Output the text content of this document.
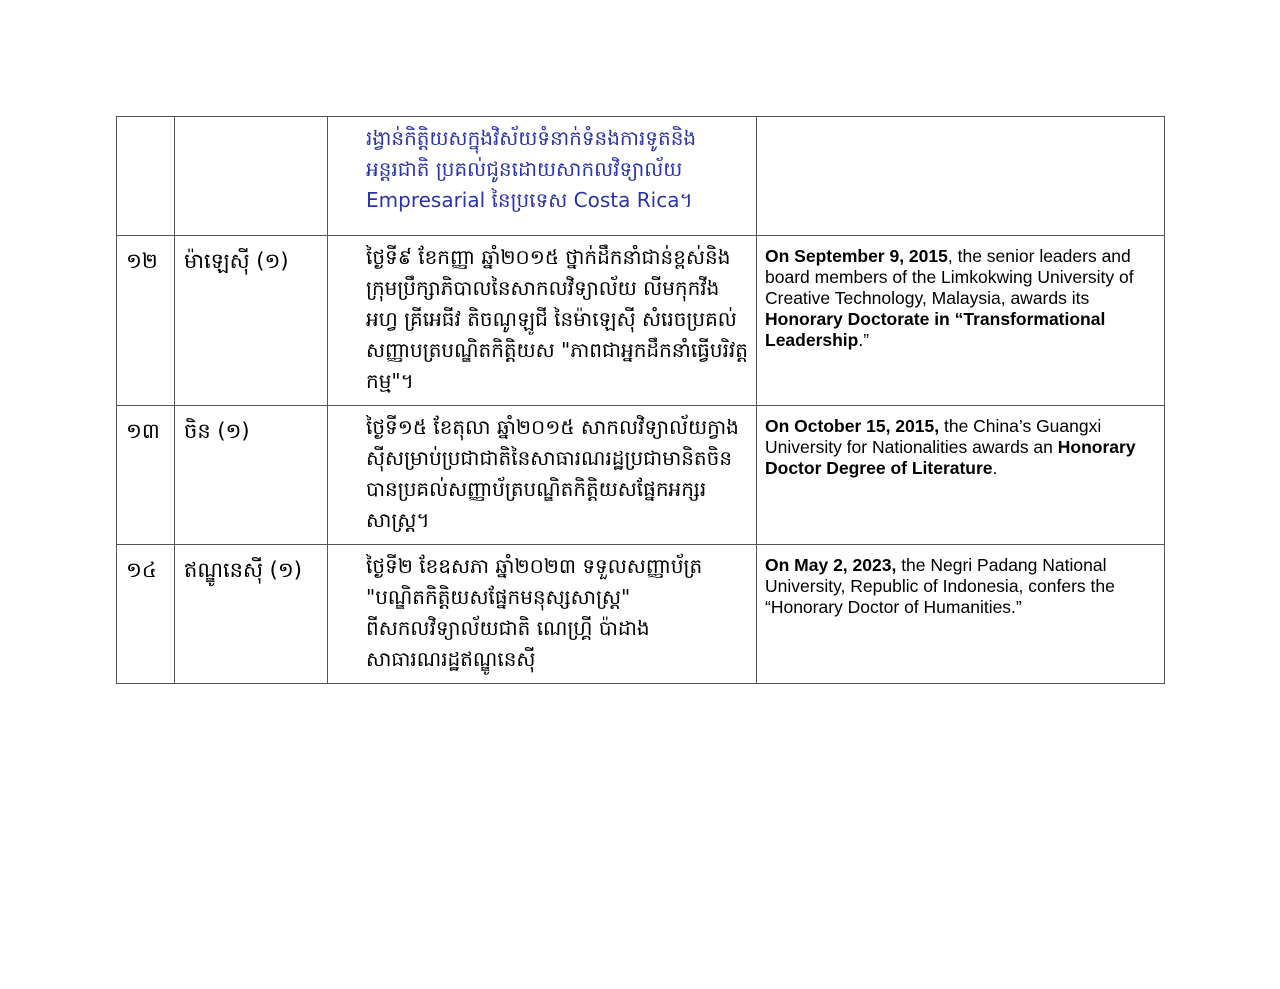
		រង្វាន់កិត្តិយសក្នុងវិស័យទំនាក់ទំនងការទូតនិងអន្តរជាតិ ប្រគល់ជូនដោយសាកលវិទ្យាល័យ Empresarial នៃប្រទេស Costa Rica។	
១២	ម៉ាឡេស៊ី (១)	ថ្ងៃទី៩ ខែកញ្ញា ឆ្នាំ២០១៥ ថ្នាក់ដឹកនាំជាន់ខ្ពស់និងក្រុមប្រឹក្សាភិបាលនៃសាកលវិទ្យាល័យ លីមកុកវីង អហ្វ គ្រីអេធីវ តិចណូឡូជី នៃម៉ាឡេស៊ី សំរេចប្រគល់សញ្ញាបត្របណ្ឌិតកិត្តិយស "ភាពជាអ្នកដឹកនាំធ្វើបរិវត្តកម្ម"។	On September 9, 2015, the senior leaders and board members of the Limkokwing University of Creative Technology, Malaysia, awards its Honorary Doctorate in “Transformational Leadership.”
១៣	ចិន (១)	ថ្ងៃទី១៥ ខែតុលា ឆ្នាំ២០១៥ សាកលវិទ្យាល័យក្វាងស៊ីសម្រាប់ប្រជាជាតិនៃសាធារណរដ្ឋប្រជាមានិតចិន បានប្រគល់សញ្ញាប័ត្របណ្ឌិតកិត្តិយសផ្នែកអក្សរសាស្ត្រ។	On October 15, 2015, the China’s Guangxi University for Nationalities awards an Honorary Doctor Degree of Literature.
១៤	ឥណ្ឌូនេស៊ី (១)	ថ្ងៃទី២ ខែឧសភា ឆ្នាំ២០២៣ ទទួលសញ្ញាប័ត្រ "បណ្ឌិតកិត្តិយសផ្នែកមនុស្សសាស្ត្រ" ពីសកលវិទ្យាល័យជាតិ ណេហ្គ្រី ប៉ាដាង សាធារណរដ្ឋឥណ្ឌូនេស៊ី	On May 2, 2023, the Negri Padang National University, Republic of Indonesia, confers the “Honorary Doctor of Humanities.”
